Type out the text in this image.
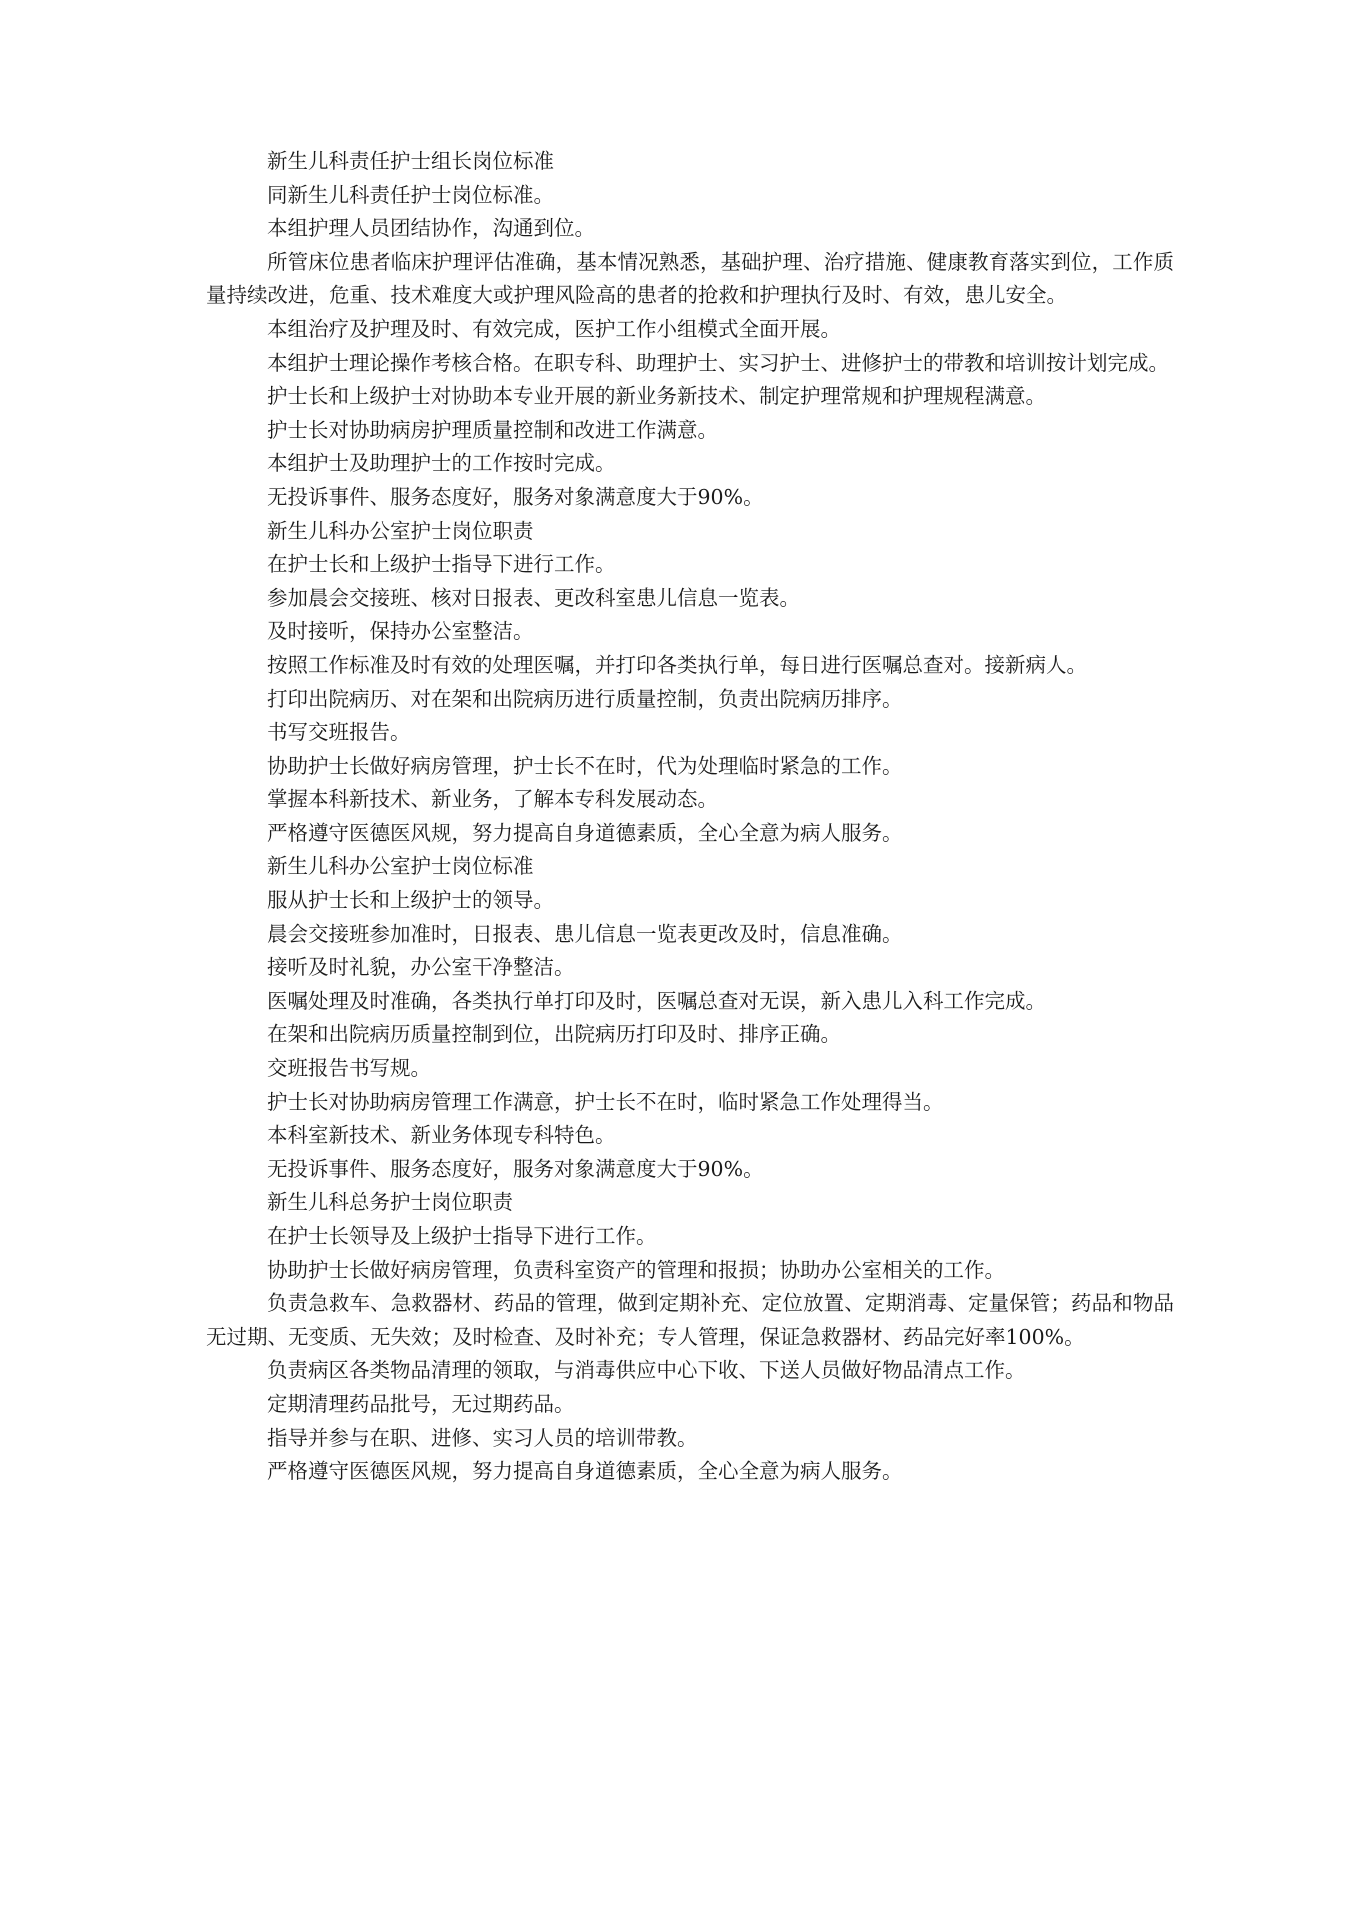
新生儿科责任护士组长岗位标准

同新生儿科责任护士岗位标准。

本组护理人员团结协作，沟通到位。

所管床位患者临床护理评估准确，基本情况熟悉，基础护理、治疗措施、健康教育落实到位，工作质量持续改进，危重、技术难度大或护理风险高的患者的抢救和护理执行及时、有效，患儿安全。

本组治疗及护理及时、有效完成，医护工作小组模式全面开展。

本组护士理论操作考核合格。在职专科、助理护士、实习护士、进修护士的带教和培训按计划完成。

护士长和上级护士对协助本专业开展的新业务新技术、制定护理常规和护理规程满意。

护士长对协助病房护理质量控制和改进工作满意。

本组护士及助理护士的工作按时完成。

无投诉事件、服务态度好，服务对象满意度大于90%。

新生儿科办公室护士岗位职责

在护士长和上级护士指导下进行工作。

参加晨会交接班、核对日报表、更改科室患儿信息一览表。

及时接听，保持办公室整洁。

按照工作标准及时有效的处理医嘱，并打印各类执行单，每日进行医嘱总查对。接新病人。

打印出院病历、对在架和出院病历进行质量控制，负责出院病历排序。

书写交班报告。

协助护士长做好病房管理，护士长不在时，代为处理临时紧急的工作。

掌握本科新技术、新业务，了解本专科发展动态。

严格遵守医德医风规，努力提高自身道德素质，全心全意为病人服务。

新生儿科办公室护士岗位标准

服从护士长和上级护士的领导。

晨会交接班参加准时，日报表、患儿信息一览表更改及时，信息准确。

接听及时礼貌，办公室干净整洁。

医嘱处理及时准确，各类执行单打印及时，医嘱总查对无误，新入患儿入科工作完成。

在架和出院病历质量控制到位，出院病历打印及时、排序正确。

交班报告书写规。

护士长对协助病房管理工作满意，护士长不在时，临时紧急工作处理得当。

本科室新技术、新业务体现专科特色。

无投诉事件、服务态度好，服务对象满意度大于90%。

新生儿科总务护士岗位职责

在护士长领导及上级护士指导下进行工作。

协助护士长做好病房管理，负责科室资产的管理和报损；协助办公室相关的工作。

负责急救车、急救器材、药品的管理，做到定期补充、定位放置、定期消毒、定量保管；药品和物品无过期、无变质、无失效；及时检查、及时补充；专人管理，保证急救器材、药品完好率100%。

负责病区各类物品清理的领取，与消毒供应中心下收、下送人员做好物品清点工作。

定期清理药品批号，无过期药品。

指导并参与在职、进修、实习人员的培训带教。

严格遵守医德医风规，努力提高自身道德素质，全心全意为病人服务。
